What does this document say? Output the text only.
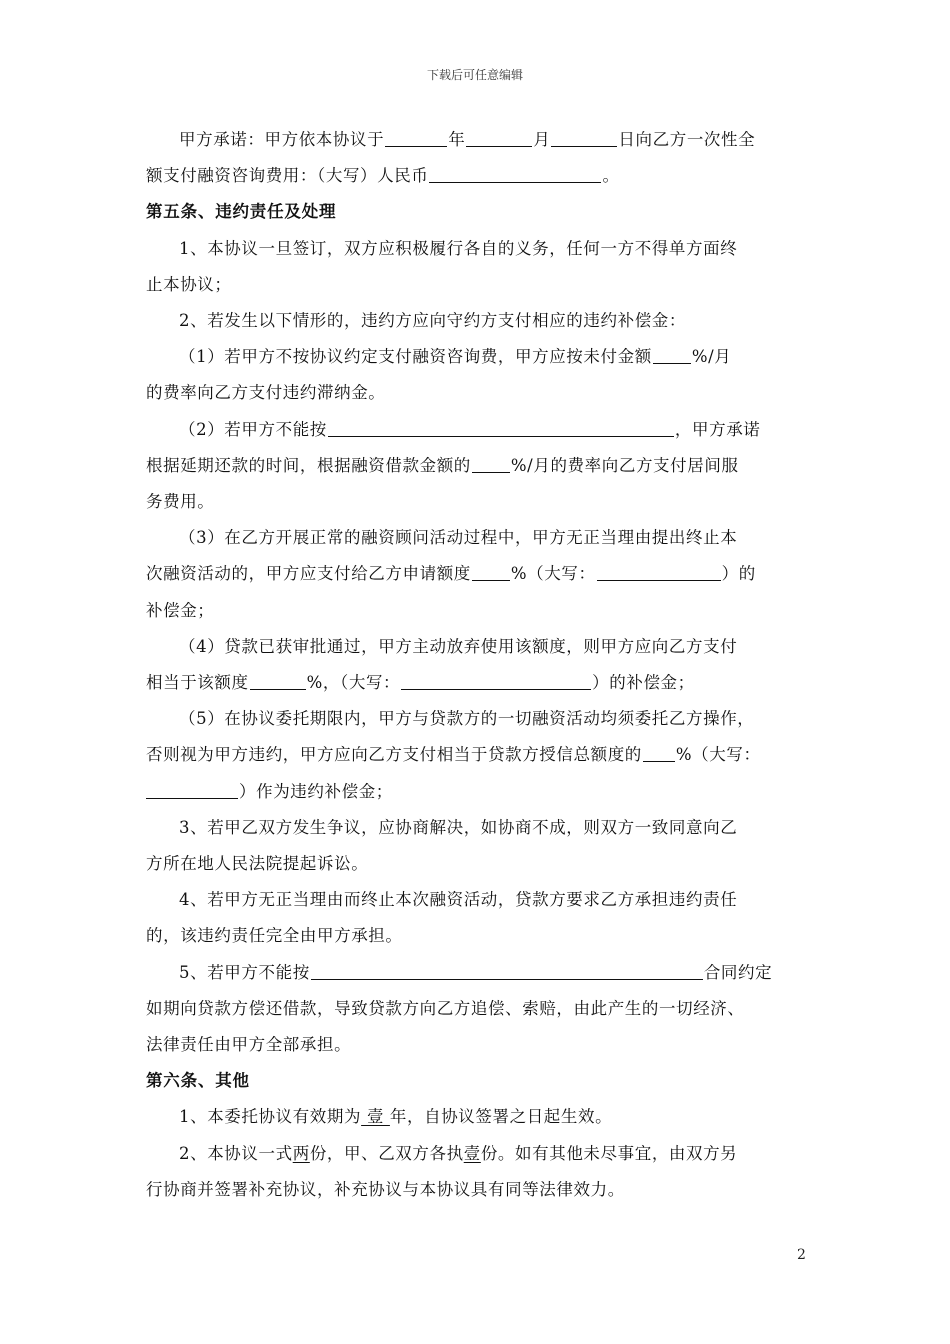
下载后可任意编辑

甲方承诺：甲方依本协议于	年	月	日向乙方一次性全

额支付融资咨询费用：（大写）人民币	。

第五条、违约责任及处理

1、本协议一旦签订，双方应积极履行各自的义务，任何一方不得单方面终

止本协议；

2、若发生以下情形的，违约方应向守约方支付相应的违约补偿金：

（1）若甲方不按协议约定支付融资咨询费，甲方应按未付金额 %/月

的费率向乙方支付违约滞纳金。

（2）若甲方不能按	，甲方承诺

根据延期还款的时间，根据融资借款金额的 %/月的费率向乙方支付居间服

务费用。

（3）在乙方开展正常的融资顾问活动过程中，甲方无正当理由提出终止本

次融资活动的，甲方应支付给乙方申请额度 %（大写：	）的

补偿金；

（4）贷款已获审批通过，甲方主动放弃使用该额度，则甲方应向乙方支付

相当于该额度	%，（大写：	）的补偿金；

（5）在协议委托期限内，甲方与贷款方的一切融资活动均须委托乙方操作，

否则视为甲方违约，甲方应向乙方支付相当于贷款方授信总额度的 %（大写：

）作为违约补偿金；

3、若甲乙双方发生争议，应协商解决，如协商不成，则双方一致同意向乙

方所在地人民法院提起诉讼。

4、若甲方无正当理由而终止本次融资活动，贷款方要求乙方承担违约责任

的，该违约责任完全由甲方承担。

5、若甲方不能按	合同约定

如期向贷款方偿还借款，导致贷款方向乙方追偿、索赔，由此产生的一切经济、

法律责任由甲方全部承担。

第六条、其他

1、本委托协议有效期为 壹 年，自协议签署之日起生效。

2、本协议一式两份，甲、乙双方各执壹份。如有其他未尽事宜，由双方另

行协商并签署补充协议，补充协议与本协议具有同等法律效力。

2
